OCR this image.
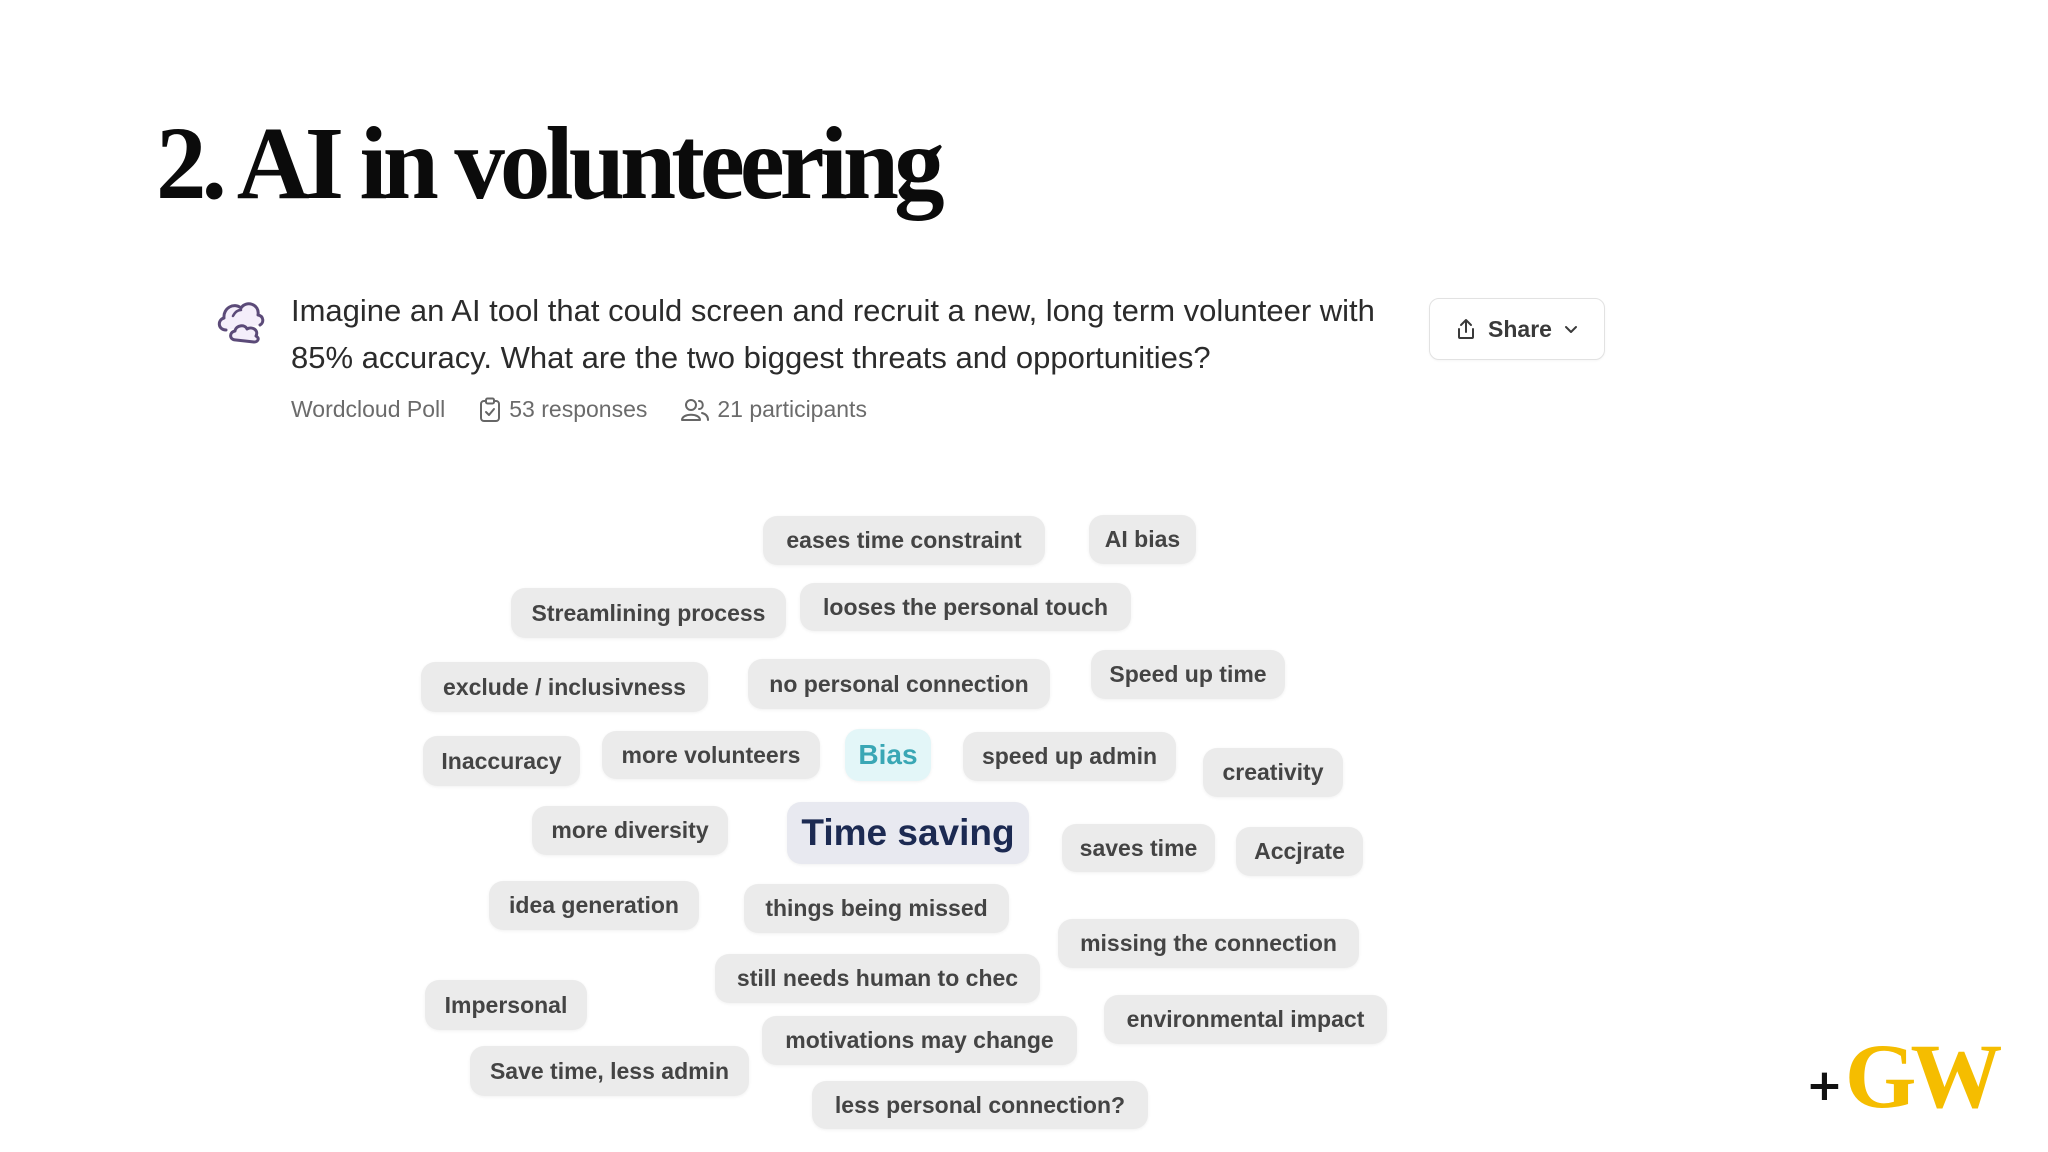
2. AI in volunteering
Imagine an AI tool that could screen and recruit a new, long term volunteer with 85% accuracy. What are the two biggest threats and opportunities?
Wordcloud Poll	53 responses	21 participants
Share
eases time constraint	AI bias
Streamlining process	looses the personal touch
exclude / inclusivness	no personal connection	Speed up time
Inaccuracy	more volunteers	Bias	speed up admin
creativity
more diversity	Time saving	saves time	Accjrate
idea generation	things being missed
missing the connection
still needs human to chec
Impersonal
environmental impact
motivations may change
Save time, less admin
less personal connection?	+ GW
